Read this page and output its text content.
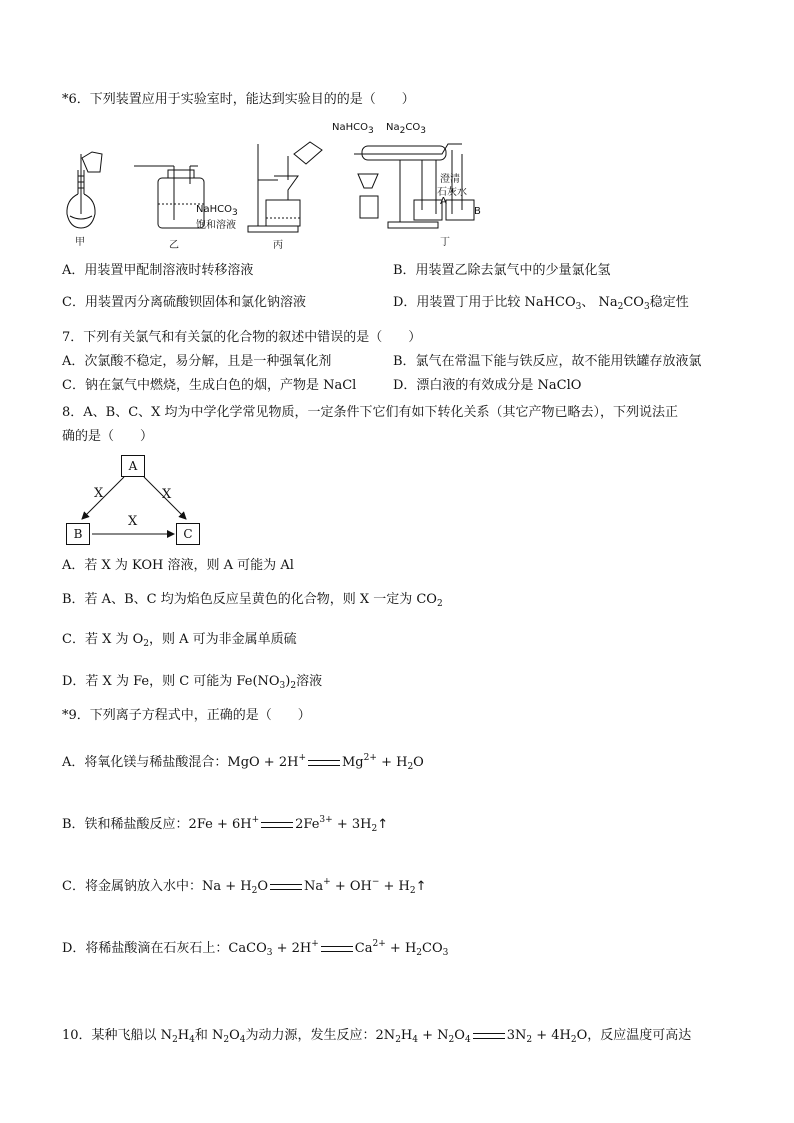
*6．下列装置应用于实验室时，能达到实验目的的是（　　）
甲	乙	丙	丁
NaHCO3
饱和溶液
NaHCO3 Na2CO3
澄清
石灰水
A
B
A．用装置甲配制溶液时转移溶液	B．用装置乙除去氯气中的少量氯化氢
C．用装置丙分离硫酸钡固体和氯化钠溶液	D．用装置丁用于比较 NaHCO$_3$、 $Na_2CO_3$稳定性
7．下列有关氯气和有关氯的化合物的叙述中错误的是（　　）
A．次氯酸不稳定，易分解，且是一种强氧化剂	B．氯气在常温下能与铁反应，故不能用铁罐存放液氯
C．钠在氯气中燃烧，生成白色的烟，产物是 NaCl	D．漂白液的有效成分是 NaClO
8．A、B、C、X 均为中学化学常见物质，一定条件下它们有如下转化关系（其它产物已略去），下列说法正
确的是（　　）
A
B	C
X	X
X
A．若 X 为 KOH 溶液，则 A 可能为 Al
B．若 A、B、C 均为焰色反应呈黄色的化合物，则 X 一定为 $CO_2$
C．若 X 为 $O_2$，则 A 可为非金属单质硫
D．若 X 为 Fe，则 C 可能为 $Fe(NO_3)_2$溶液
*9．下列离子方程式中，正确的是（　　）
A．将氧化镁与稀盐酸混合：MgO + 2H+	$Mg^{2+} + H_2O$
B．铁和稀盐酸反应：2Fe + 6H+	$2Fe^{3+}$ + $3H_2↑$
C．将金属钠放入水中：$Na + H_2O$	$Na^+ + OH^- + H_2↑$
D．将稀盐酸滴在石灰石上：CaCO$_3$ + 2H+	$Ca^{2+} + H_2CO_3$
10．某种飞船以 $N_2H_4$和 $N_2O_4$为动力源，发生反应：$2N_2H_4 + N_2O_4$	$3N_2 + 4H_2O$，反应温度可高达
